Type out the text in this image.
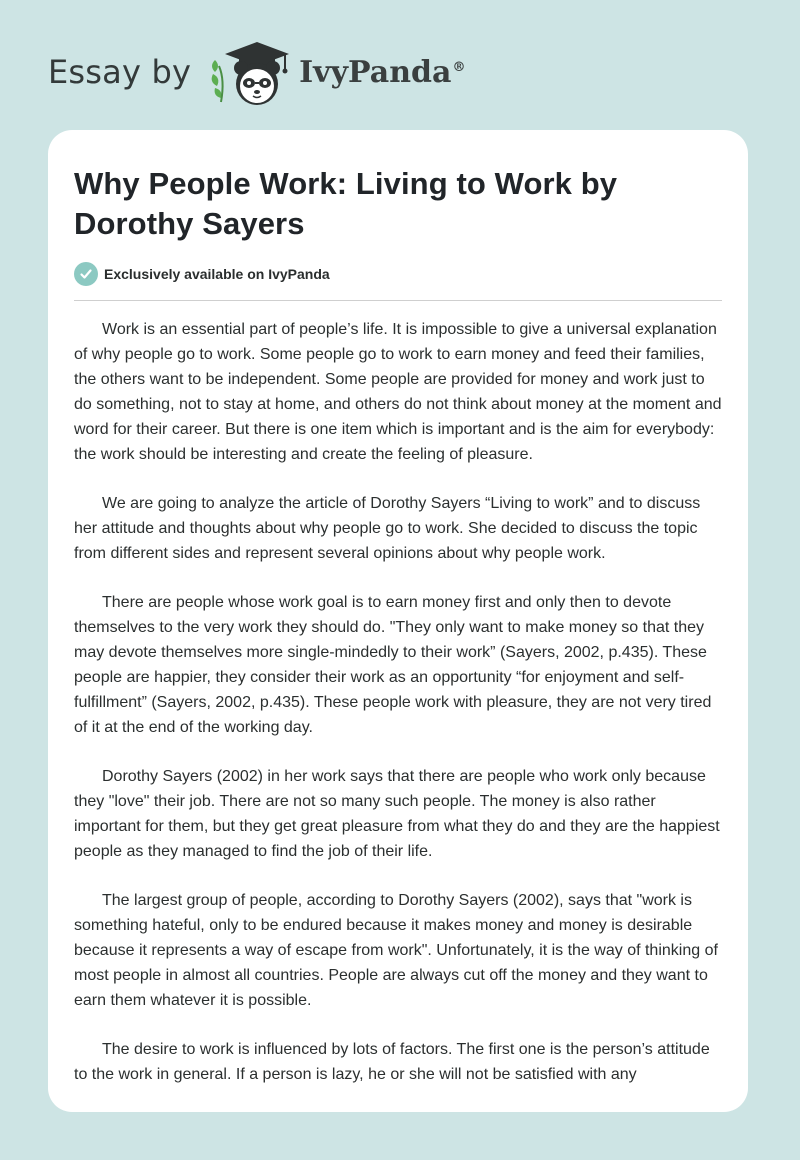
Essay by	IvyPanda®
Why People Work: Living to Work by Dorothy Sayers
Exclusively available on IvyPanda

Work is an essential part of people’s life. It is impossible to give a universal explanation of why people go to work. Some people go to work to earn money and feed their families, the others want to be independent. Some people are provided for money and work just to do something, not to stay at home, and others do not think about money at the moment and word for their career. But there is one item which is important and is the aim for everybody: the work should be interesting and create the feeling of pleasure.

We are going to analyze the article of Dorothy Sayers “Living to work” and to discuss her attitude and thoughts about why people go to work. She decided to discuss the topic from different sides and represent several opinions about why people work.

There are people whose work goal is to earn money first and only then to devote themselves to the very work they should do. "They only want to make money so that they may devote themselves more single-mindedly to their work” (Sayers, 2002, p.435). These people are happier, they consider their work as an opportunity “for enjoyment and self-fulfillment” (Sayers, 2002, p.435). These people work with pleasure, they are not very tired of it at the end of the working day.

Dorothy Sayers (2002) in her work says that there are people who work only because they "love" their job. There are not so many such people. The money is also rather important for them, but they get great pleasure from what they do and they are the happiest people as they managed to find the job of their life.

The largest group of people, according to Dorothy Sayers (2002), says that "work is something hateful, only to be endured because it makes money and money is desirable because it represents a way of escape from work". Unfortunately, it is the way of thinking of most people in almost all countries. People are always cut off the money and they want to earn them whatever it is possible.

The desire to work is influenced by lots of factors. The first one is the person’s attitude to the work in general. If a person is lazy, he or she will not be satisfied with any
